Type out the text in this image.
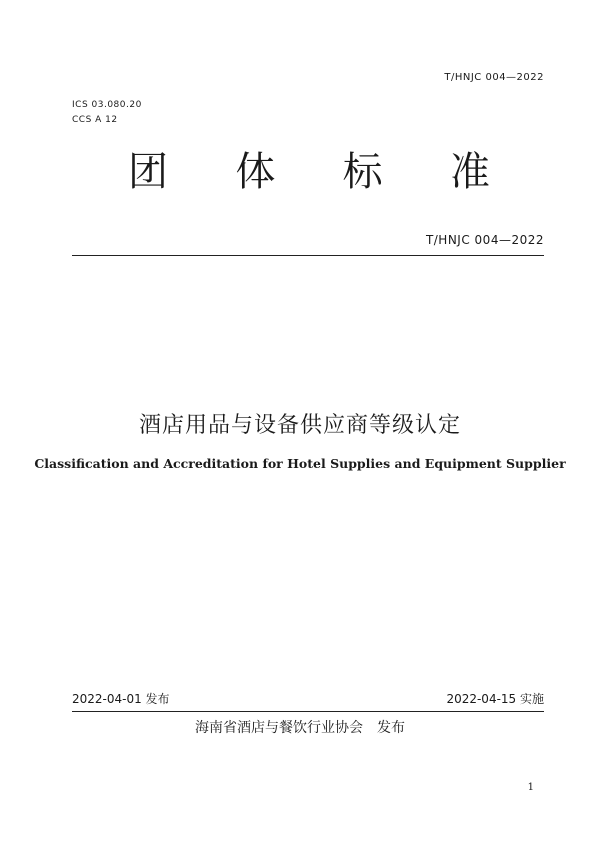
T/HNJC 004—2022
ICS 03.080.20
CCS A 12
团 体 标 准
T/HNJC 004—2022
酒店用品与设备供应商等级认定
Classification and Accreditation for Hotel Supplies and Equipment Supplier
2022-04-01 发布	2022-04-15 实施
海南省酒店与餐饮行业协会　发布
1
